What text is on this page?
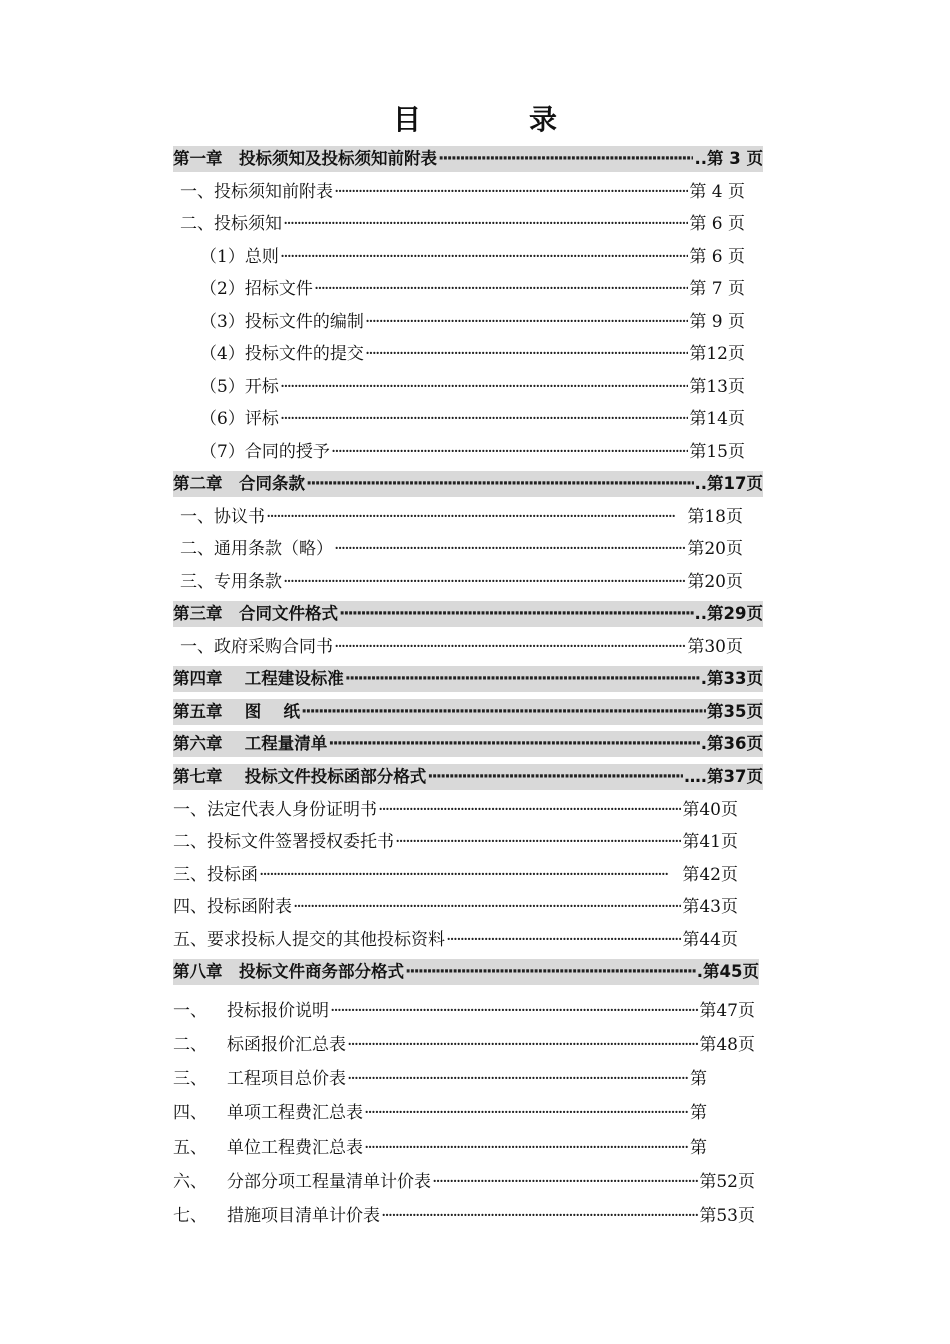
目　录
第一章　投标须知及投标须知前附表 ·····	..第 3 页
一、投标须知前附表 ·····	第 4 页
二、投标须知 ·····	第 6 页
（1）总则 ·····	第 6 页
（2）招标文件 ·····	第 7 页
（3）投标文件的编制 ·····	第 9 页
（4）投标文件的提交 ·····	第12页
（5）开标 ·····	第13页
（6）评标 ·····	第14页
（7）合同的授予 ·····	第15页
第二章　合同条款 ·····	..第17页
一、协议书 ·····	第18页
二、通用条款（略） ·····	第20页
三、专用条款 ·····	第20页
第三章　合同文件格式 ·····	..第29页
一、政府采购合同书 ·····	第30页
第四章　 工程建设标准 ·····	.第33页
第五章　 图　 纸 ·····	第35页
第六章　 工程量清单 ·····	.第36页
第七章　 投标文件投标函部分格式 ·····	….第37页
一、法定代表人身份证明书 ·····	第40页
二、投标文件签署授权委托书 ·····	第41页
三、投标函 ·····	第42页
四、投标函附表 ·····	第43页
五、要求投标人提交的其他投标资料 ·····	第44页
第八章　投标文件商务部分格式 ·····	.第45页
一、 投标报价说明 ·····	第47页
二、 标函报价汇总表 ·····	第48页
三、 工程项目总价表 ·····	第
四、 单项工程费汇总表 ·····	第
五、 单位工程费汇总表 ·····	第
六、 分部分项工程量清单计价表 ·····	第52页
七、 措施项目清单计价表 ·····	第53页
